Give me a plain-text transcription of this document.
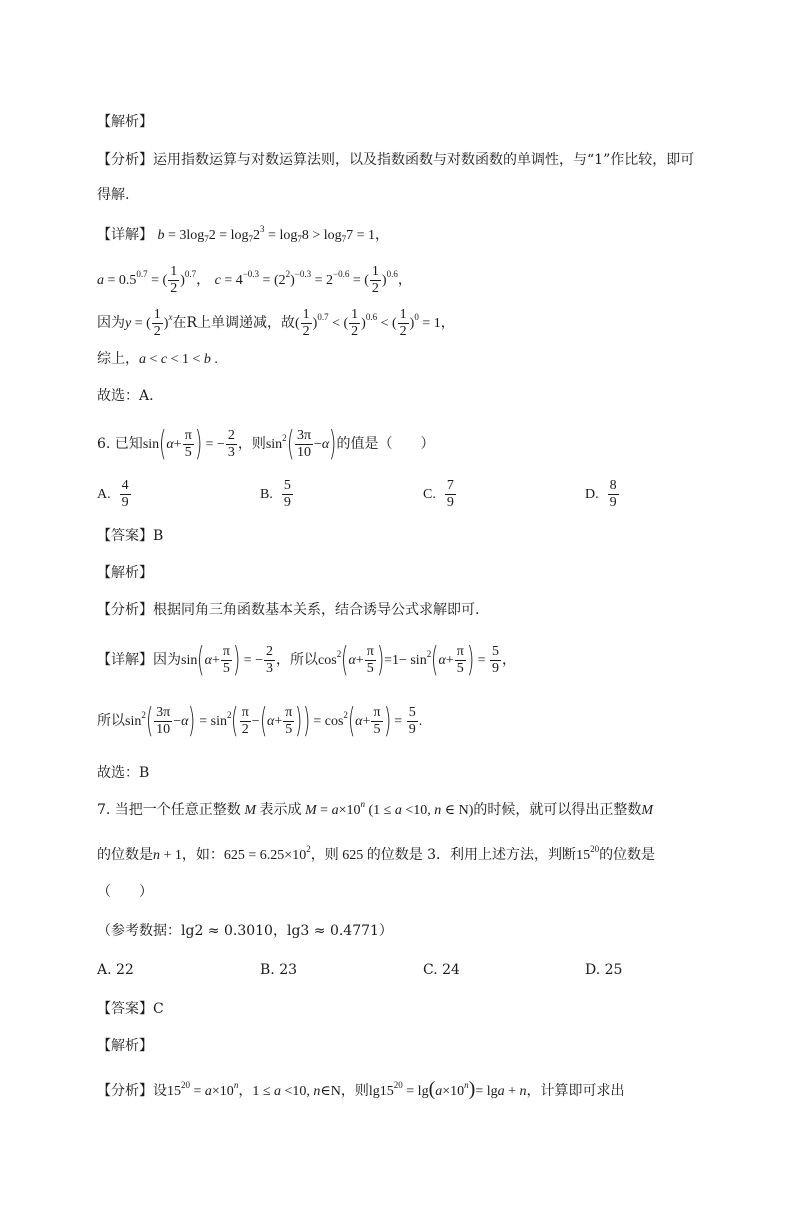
【解析】
【分析】运用指数运算与对数运算法则，以及指数函数与对数函数的单调性，与“1”作比较，即可
得解.
【详解】 $b = 3\log_72 = \log_72^3 = \log_78 > \log_77 = 1$，
$a = 0.5^{0.7}$ = ( $\frac{1}{2} )^{0.7}$， $c = 4^{-0.3} = (2^2)^{-0.3} = 2^{-0.6}$ = ( $\frac{1}{2} )^{0.6}$，
因为y = ( $\frac{1}{2} )^x$在R上单调递减，故( $\frac{1}{2} )^{0.7}$ < ( $\frac{1}{2} )^{0.6}$ < ( $\frac{1}{2} )^0 = 1$，
综上，a < c < 1 < b .
故选：A.
6. 已知$\sin(\alpha+ \frac{\pi}{5}$ ) = − $\frac{2}{3}$ ，则$\sin^2( \frac{3\pi}{10} -\alpha)$的值是（　　）
A. $\frac{4}{9}$	B. $\frac{5}{9}$	C. $\frac{7}{9}$	D. $\frac{8}{9}$
【答案】B
【解析】
【分析】根据同角三角函数基本关系，结合诱导公式求解即可.
【详解】因为$\sin(\alpha+ \frac{\pi}{5}$ ) = − $\frac{2}{3}$ ，所以$\cos^2(\alpha+ \frac{\pi}{5} )=1- \sin^2(\alpha+ \frac{\pi}{5}$ ) = $\frac{5}{9}$ ，
所以$\sin^2( \frac{3\pi}{10} -\alpha) = \sin^2( \frac{\pi}{2} -(\alpha+ \frac{\pi}{5}$ )) = $\cos^2(\alpha+ \frac{\pi}{5}$ ) = $\frac{5}{9}$ .
故选：B
7. 当把一个任意正整数 M 表示成 $M = a\times 10^n$ (1 ≤ a <10, n ∈ N)的时候，就可以得出正整数M
的位数是n + 1，如：$625 = 6.25\times 10^2$，则 625 的位数是 3．利用上述方法，判断$15^{20}$的位数是
（　　）
（参考数据：lg2 ≈ 0.3010，lg3 ≈ 0.4771）
A. 22	B. 23	C. 24	D. 25
【答案】C
【解析】
【分析】设$15^{20} = a\times 10^n$，1 ≤ a <10, n∈N，则$\lg 15^{20} = \lg(a\times 10^n)= \lg a + n$，计算即可求出
